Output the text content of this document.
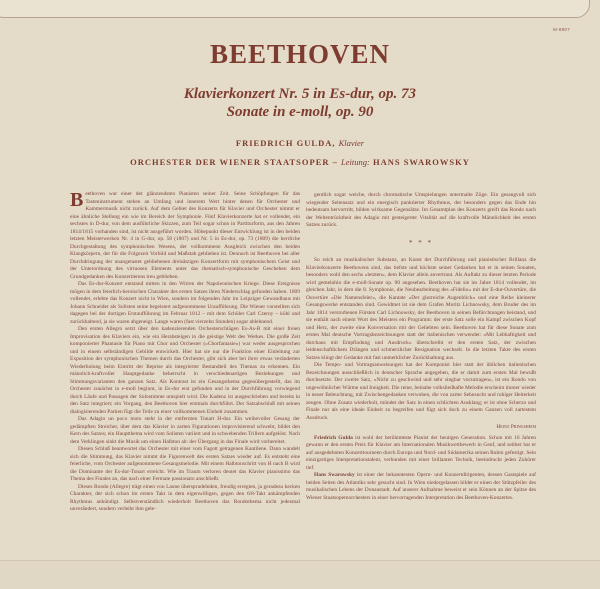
M-8807
BEETHOVEN
Klavierkonzert Nr. 5 in Es-dur, op. 73
Sonate in e-moll, op. 90
FRIEDRICH GULDA, Klavier
ORCHESTER DER WIENER STAATSOPER – Leitung: HANS SWAROWSKY

Beethoven war einer der glänzendsten Pianisten seiner Zeit. Seine Schöpfungen für das Tasteninstrument stehen an Umfang und innerem Wert hinter denen für Orchester und Kammermusik nicht zurück. Auf dem Gebiet des Konzerts für Klavier und Orchester nimmt er eine ähnliche Stellung ein wie im Bereich der Symphonie. Fünf Klavierkonzerte hat er vollendet, ein sechstes in D-dur, von dem ausführliche Skizzen, zum Teil sogar schon in Partiturform, aus den Jahren 1814/1815 vorhanden sind, ist nicht ausgeführt worden. Höhepunkt dieser Entwicklung ist in den beiden letzten Meisterwerken Nr. 4 in G-dur, op. 58 (1807) und Nr. 5 in Es-dur, op. 73 (1809) die herrliche Durchgestaltung des symphonischen Wesens, der vollkommene Ausgleich zwischen den beiden Klangkörpern, der für die Folgezeit Vorbild und Maßstab geblieben ist. Dennoch ist Beethoven bei aller Durchdringung der unangetastet gebliebenen dreisätzigen Konzertform mit symphonischem Geist und der Unterordnung des virtuosen Elements unter das thematisch-symphonische Geschehen dem Grundgedanken des Konzertierens treu geblieben.

Das Es-dur-Konzert entstand mitten in den Wirren der Napoleonischen Kriege. Diese Ereignisse mögen in dem feierlich-heroischen Charakter des ersten Satzes ihren Niederschlag gefunden haben. 1809 vollendet, erlebte das Konzert nicht in Wien, sondern im folgenden Jahr im Leipziger Gewandhaus mit Johann Schneider als Solisten seine begeistert aufgenommene Uraufführung. Die Wiener vorstellten sich dagegen bei der dortigen Erstaufführung im Februar 1812 – mit dem Schüler Carl Czerny – kühl und zurückhaltend, ja sie waren abgeneigt. Lange waren (fast vierzehn Stunden) sogar ablehnend.

Den ersten Allegro setzt über den kadenzierenden Orchesterschlägen Es-As-B mit einer freien Improvisation des Klaviers ein, wie ein Herabsteigen in die geistige Welt des Werkes. Die große Zeit komponierter Phantasie für Piano mit Chor und Orchester (»Chorfantasie«) war weder ausgesprochen und in einem selbständigen Gebilde entwickelt. Hier hat sie nur die Funktion einer Einleitung zur Exposition der symphonischen Themen durch das Orchester, gibt sich aber bei ihrer etwas veränderten Wiederholung beim Eintritt der Reprise als integrierter Bestandteil des Themas zu erkennen. Ein männlich-kraftvoller Hauptgedanke beherrscht in verschiedenartigen Beziehungen und Stimmungsvarianten den ganzen Satz. Als Kontrast ist ein Gesangsthema gegenübergestellt, das im Orchester zunächst in e-moll beginnt, in Es-dur erst gefunden und in der Durchführung vorwiegend durch Läufe und Passagen der Solostimme umspielt wird. Die Kadenz ist ausgeschrieben und bereits in den Satz integriert; ein Vorgang, den Beethoven hier erstmals durchführt. Der Satzabschluß mit seinen dialogisierenden Partien fügt die Teile zu einer vollkommenen Einheit zusammen.

Das Adagio un poco moto steht in der entfernten Tonart H-dur. Ein weihevoller Gesang der gedämpften Streicher, über dem das Klavier in zarten Figurationen improvisierend schwebt, bildet den Kern des Satzes; ein Hauptthema wird vom Solisten variiert und in schwebenden Trillern aufgelöst. Nach dem Verklingen sinkt die Musik um einen Halbton ab: der Übergang in das Finale wird vorbereitet.

Diesen Schluß beantwortet das Orchester mit einer vom Fagott getragenen Kantilene. Dann wandelt sich die Stimmung, das Klavier nimmt die Figurenwelt des ersten Satzes wieder auf. Es entsteht eine feierliche, vom Orchester aufgenommene Gesangsmelodie. Mit einem Halbtonschritt von H nach B wird die Dominante der Es-dur-Tonart erreicht. Wie im Traum verloren deutet das Klavier pianissimo das Thema des Finales an, das nach einer Fermate passionato anschließt.

Dieses Rondo (Allegro) trägt einen von Laune übersprudelnden, freudig erregten, ja geradezu kecken Charakter, der sich schon im ersten Takt in dem eigenwilligen, gegen den 6/8-Takt ankämpfenden Rhythmus ankündigt. Selbstverständlich wiederholt Beethoven das Rondothema nicht jedesmal unverändert, sondern verleiht ihm gele-

gentlich sogar weiche, durch chromatische Umspielungen untermalte Züge. Ein gesangvoll sich wiegender Seitensatz und ein energisch punktierter Rhythmus, der besonders gegen das Ende hin bedeutsam hervortritt, bilden wirksame Gegensätze. Im Gesamtplan des Konzerts greift das Rondo nach der Weltentrücktheit des Adagio mit gesteigerter Vitalität auf die kraftvolle Männlichkeit des ersten Satzes zurück.

* * *

So reich an musikalischer Substanz, an Kunst der Durchführung und pianistischer Brillanz die Klavierkonzerte Beethovens sind, das tiefste und höchste seiner Gedanken hat er in seinen Sonaten, besonders wohl den sechs »letzten«, dem Klavier allein anvertraut. Als Auftakt zu dieser letzten Periode wird gemeinhin die e-moll-Sonate op. 90 angesehen. Beethoven hat sie im Jahre 1814 vollendet, im gleichen Jahr, in dem die 8. Symphonie, die Neubearbeitung des »Fidelio« mit der E-dur-Ouvertüre, die Ouvertüre »Die Namensfeier«, die Kantate »Der glorreiche Augenblick« und eine Reihe kleinerer Gesangswerke entstanden sind. Gewidmet ist sie dem Grafen Moritz Lichnowsky, dem Bruder des im Jahr 1814 verstorbenen Fürsten Carl Lichnowsky, der Beethoven in seinen Befürchtungen beistand, und sie enthält nach einem Wort des Meisters ein Programm: der erste Satz solle ein Kampf zwischen Kopf und Herz, der zweite eine Konversation mit der Geliebten sein. Beethoven hat für diese Sonate zum ersten Mal deutsche Vortragsbezeichnungen statt der italienischen verwendet: »Mit Lebhaftigkeit und durchaus mit Empfindung und Ausdruck« überschreibt er den ersten Satz, der zwischen leidenschaftlichem Drängen und schmerzlicher Resignation wechselt. In die letzten Takte des ersten Satzes klingt der Gedanke mit fast unmerklicher Zurückhaltung aus.

Die Tempo- und Vortragsanweisungen hat der Komponist hier statt der üblichen italienischen Bezeichnungen ausschließlich in deutscher Sprache angegeben, die er damit zum ersten Mal bewußt durchsetzte. Der zweite Satz, »Nicht zu geschwind und sehr singbar vorzutragen«, ist ein Rondo von ungewöhnlicher Wärme und Innigkeit. Die reine, beinahe volksliedhafte Melodie erscheint immer wieder in neuer Beleuchtung, mit Zwischengedanken verwoben, die von zarter Sehnsucht und ruhiger Heiterkeit zeugen. Ohne Zusatz wiederholt, mündet der Satz in einen schlichten Ausklang; er ist ohne Scherzo und Finale nur als eine ideale Einheit zu begreifen und fügt sich doch zu einem Ganzen voll zartestem Ausdruck.

Heinz Pringsheim

Friedrich Gulda ist wohl der berühmteste Pianist der heutigen Generation. Schon mit 16 Jahren gewann er den ersten Preis für Klavier am Internationalen Musikwettbewerb in Genf, und seither hat er auf ausgedehnten Konzerttourneen durch Europa und Nord- und Südamerika seinen Ruhm gefestigt. Sein einzigartiges Interpretationstalent, verbunden mit einer brillanten Technik, beeindruckt jeden Zuhörer tief.

Hans Swarowsky ist einer der bekanntesten Opern- und Konzertdirigenten, dessen Gastspiele auf beiden Seiten des Atlantiks sehr gesucht sind. In Wien niedergelassen bildet er einen der Stützpfeiler des musikalischen Lebens der Donaustadt. Auf unserer Aufnahme beweist er sein Können an der Spitze des Wiener Staatsopernorchesters in einer hervorragenden Interpretation des Beethoven-Konzertes.
